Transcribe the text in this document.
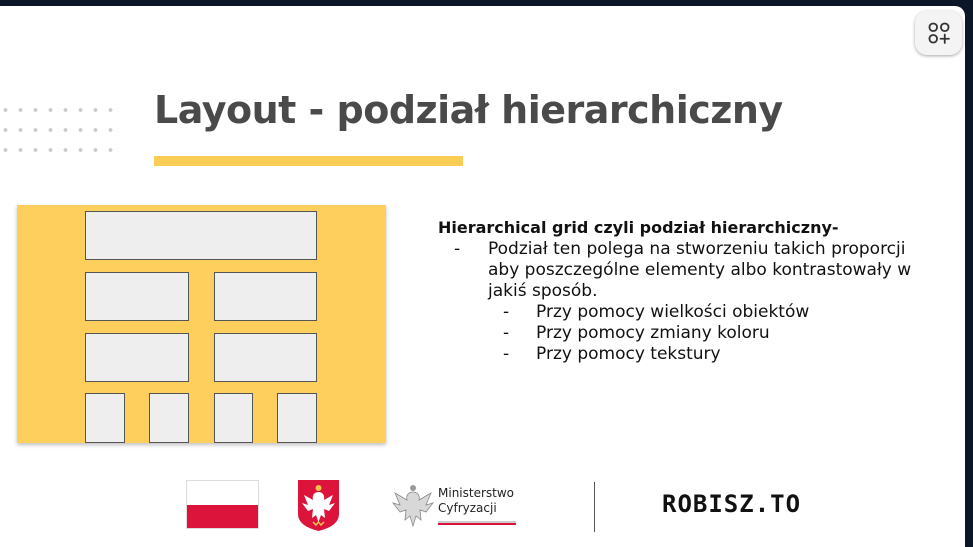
Layout - podział hierarchiczny
Hierarchical grid czyli podział hierarchiczny-
- Podział ten polega na stworzeniu takich proporcji aby poszczególne elementy albo kontrastowały w jakiś sposób.
- Przy pomocy wielkości obiektów
- Przy pomocy zmiany koloru
- Przy pomocy tekstury
Ministerstwo
Cyfryzacji	ROBISZ.TO
